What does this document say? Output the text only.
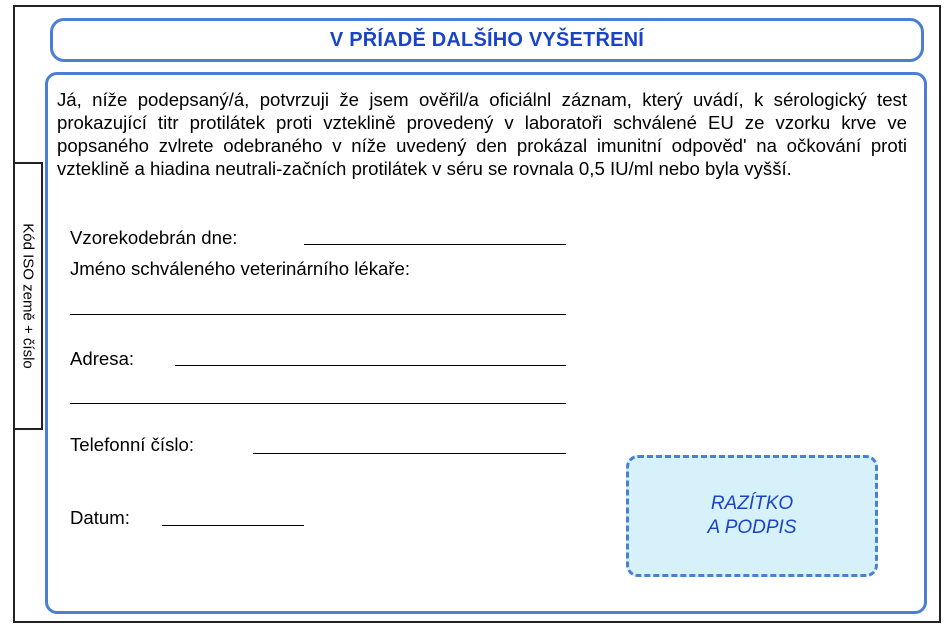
V PŘÍADĚ DALŠÍHO VYŠETŘENÍ
Kód ISO země + číslo

Já, níže podepsaný/á, potvrzuji že jsem ověřil/a oficiálnl záznam, který uvádí, k sérologický test prokazující titr protilátek proti vzteklině provedený v laboratoři schválené EU ze vzorku krve ve popsaného zvlrete odebraného v níže uvedený den prokázal imunitní odpověd' na očkování proti vzteklině a hiadina neutrali-začních protilátek v séru se rovnala 0,5 IU/ml nebo byla vyšší.

Vzorekodebrán dne:
Jméno schváleného veterinárního lékaře:
Adresa:
Telefonní číslo:
Datum:
RAZÍTKO
A PODPIS
